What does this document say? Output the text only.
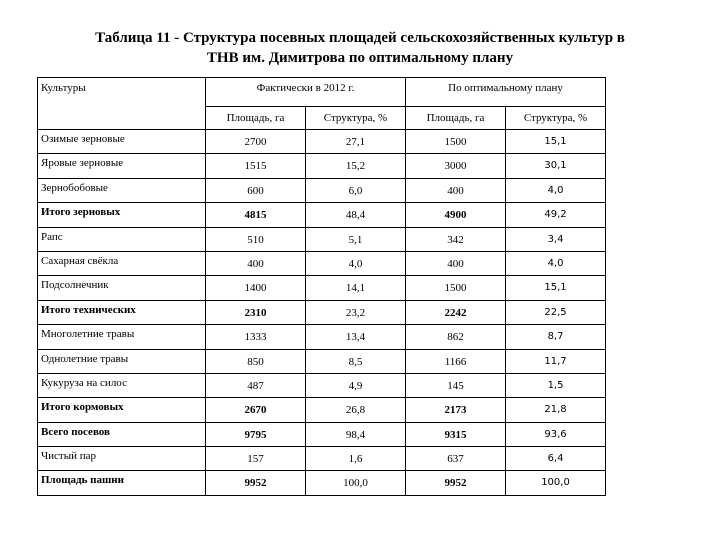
Таблица 11 - Структура посевных площадей сельскохозяйственных культур в
ТНВ им. Димитрова по оптимальному плану
Культуры	Фактически в 2012 г.		По оптимальному плану	
	Площадь, га	Структура, %	Площадь, га	Структура, %
Озимые зерновые	2700	27,1	1500	15,1
Яровые зерновые	1515	15,2	3000	30,1
Зернобобовые	600	6,0	400	4,0
Итого зерновых	4815	48,4	4900	49,2
Рапс	510	5,1	342	3,4
Сахарная свёкла	400	4,0	400	4,0
Подсолнечник	1400	14,1	1500	15,1
Итого технических	2310	23,2	2242	22,5
Многолетние травы	1333	13,4	862	8,7
Однолетние травы	850	8,5	1166	11,7
Кукуруза на силос	487	4,9	145	1,5
Итого кормовых	2670	26,8	2173	21,8
Всего посевов	9795	98,4	9315	93,6
Чистый пар	157	1,6	637	6,4
Площадь пашни	9952	100,0	9952	100,0
